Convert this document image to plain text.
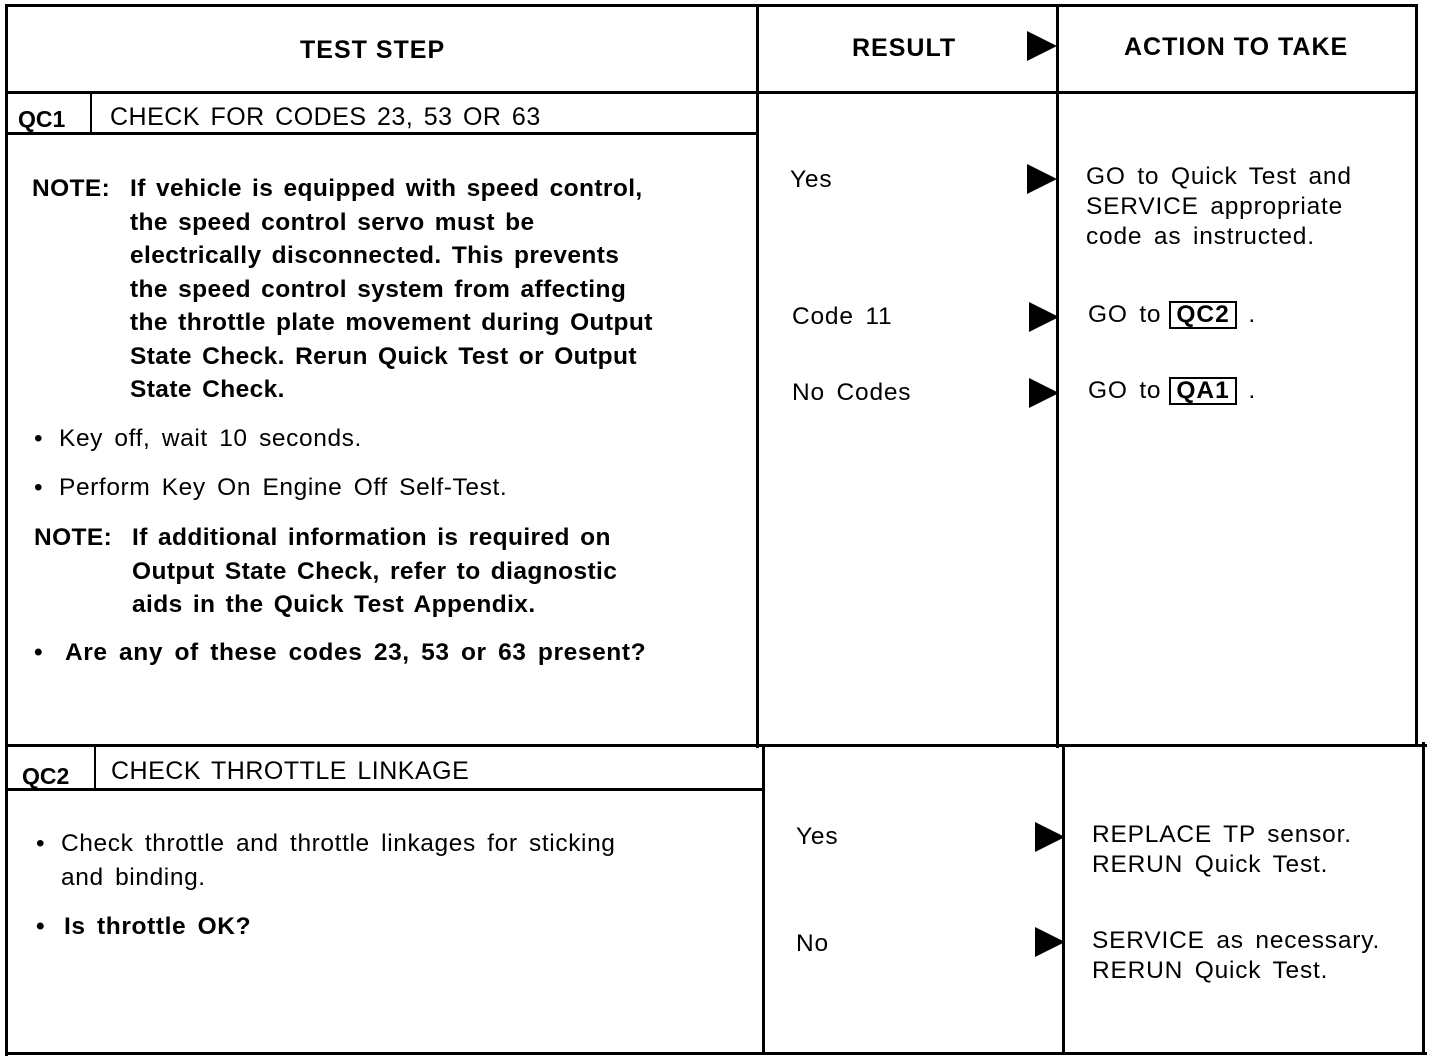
TEST STEP	RESULT	ACTION TO TAKE
QC1 CHECK FOR CODES 23, 53 OR 63
NOTE: If vehicle is equipped with speed control,
the speed control servo must be
electrically disconnected. This prevents
the speed control system from affecting
the throttle plate movement during Output
State Check. Rerun Quick Test or Output
State Check.
• Key off, wait 10 seconds.
• Perform Key On Engine Off Self-Test.
NOTE: If additional information is required on
Output State Check, refer to diagnostic
aids in the Quick Test Appendix.
• Are any of these codes 23, 53 or 63 present?
Yes	GO to Quick Test and
SERVICE appropriate
code as instructed.
Code 11	GO to QC2 .
No Codes	GO to QA1 .
QC2 CHECK THROTTLE LINKAGE
• Check throttle and throttle linkages for sticking
and binding.
• Is throttle OK?
Yes	REPLACE TP sensor.
RERUN Quick Test.
No	SERVICE as necessary.
RERUN Quick Test.
